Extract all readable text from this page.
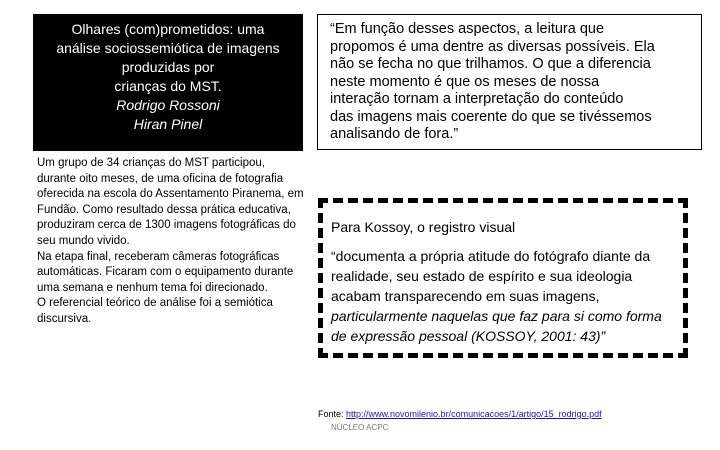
Olhares (com)prometidos: uma
análise sociossemiótica de imagens
produzidas por
crianças do MST.
Rodrigo Rossoni
Hiran Pinel

Um grupo de 34 crianças do MST participou, durante oito meses, de uma oficina de fotografia oferecida na escola do Assentamento Piranema, em Fundão. Como resultado dessa prática educativa, produziram cerca de 1300 imagens fotográficas do seu mundo vivido.

Na etapa final, receberam câmeras fotográficas automáticas. Ficaram com o equipamento durante uma semana e nenhum tema foi direcionado.

O referencial teórico de análise foi a semiótica discursiva.

“Em função desses aspectos, a leitura que
propomos é uma dentre as diversas possíveis. Ela
não se fecha no que trilhamos. O que a diferencia
neste momento é que os meses de nossa
interação tornam a interpretação do conteúdo
das imagens mais coerente do que se tivéssemos
analisando de fora.”
Para Kossoy, o registro visual
“documenta a própria atitude do fotógrafo diante da
realidade, seu estado de espírito e sua ideologia
acabam transparecendo em suas imagens,
particularmente naquelas que faz para si como forma
de expressão pessoal (KOSSOY, 2001: 43)”
Fonte: http://www.novomilenio.br/comunicacoes/1/artigo/15_rodrigo.pdf
NÚCLEO ACPC
